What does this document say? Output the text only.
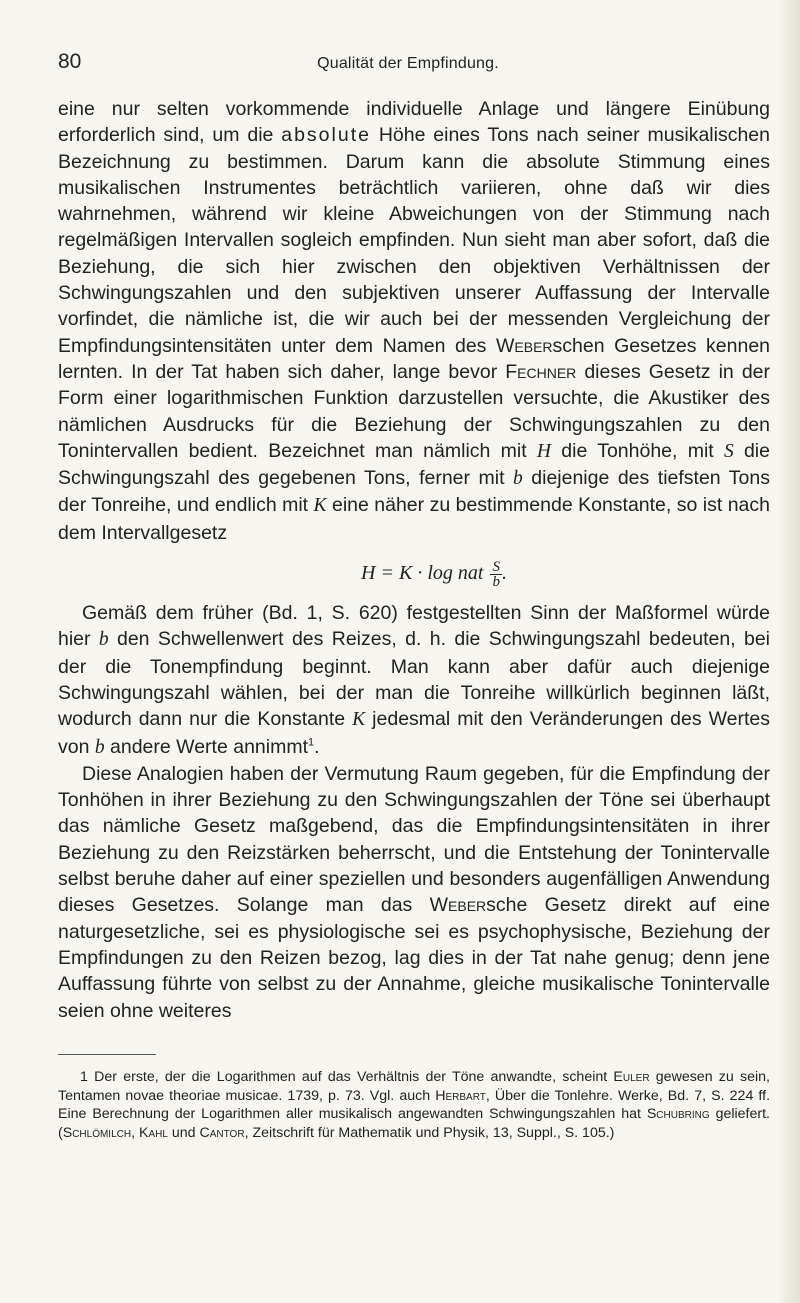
80	Qualität der Empfindung.

eine nur selten vorkommende individuelle Anlage und längere Einübung erforderlich sind, um die absolute Höhe eines Tons nach seiner musikalischen Bezeichnung zu bestimmen. Darum kann die absolute Stimmung eines musikalischen Instrumentes beträchtlich variieren, ohne daß wir dies wahrnehmen, während wir kleine Abweichungen von der Stimmung nach regelmäßigen Intervallen sogleich empfinden. Nun sieht man aber sofort, daß die Beziehung, die sich hier zwischen den objektiven Verhältnissen der Schwingungszahlen und den subjektiven unserer Auffassung der Intervalle vorfindet, die nämliche ist, die wir auch bei der messenden Vergleichung der Empfindungsintensitäten unter dem Namen des Weberschen Gesetzes kennen lernten. In der Tat haben sich daher, lange bevor Fechner dieses Gesetz in der Form einer logarithmischen Funktion darzustellen versuchte, die Akustiker des nämlichen Ausdrucks für die Beziehung der Schwingungszahlen zu den Tonintervallen bedient. Bezeichnet man nämlich mit H die Tonhöhe, mit S die Schwingungszahl des gegebenen Tons, ferner mit b diejenige des tiefsten Tons der Tonreihe, und endlich mit K eine näher zu bestimmende Konstante, so ist nach dem Intervallgesetz

H = K · log nat $\frac{S}{b}$ .

Gemäß dem früher (Bd. 1, S. 620) festgestellten Sinn der Maßformel würde hier b den Schwellenwert des Reizes, d. h. die Schwingungszahl bedeuten, bei der die Tonempfindung beginnt. Man kann aber dafür auch diejenige Schwingungszahl wählen, bei der man die Tonreihe willkürlich beginnen läßt, wodurch dann nur die Konstante K jedesmal mit den Veränderungen des Wertes von b andere Werte annimmt$^1$.

Diese Analogien haben der Vermutung Raum gegeben, für die Empfindung der Tonhöhen in ihrer Beziehung zu den Schwingungszahlen der Töne sei überhaupt das nämliche Gesetz maßgebend, das die Empfindungsintensitäten in ihrer Beziehung zu den Reizstärken beherrscht, und die Entstehung der Tonintervalle selbst beruhe daher auf einer speziellen und besonders augenfälligen Anwendung dieses Gesetzes. Solange man das Webersche Gesetz direkt auf eine naturgesetzliche, sei es physiologische sei es psychophysische, Beziehung der Empfindungen zu den Reizen bezog, lag dies in der Tat nahe genug; denn jene Auffassung führte von selbst zu der Annahme, gleiche musikalische Tonintervalle seien ohne weiteres

1 Der erste, der die Logarithmen auf das Verhältnis der Töne anwandte, scheint Euler gewesen zu sein, Tentamen novae theoriae musicae. 1739, p. 73. Vgl. auch Herbart, Über die Tonlehre. Werke, Bd. 7, S. 224 ff. Eine Berechnung der Logarithmen aller musikalisch angewandten Schwingungszahlen hat Schubring geliefert. (Schlömilch, Kahl und Cantor, Zeitschrift für Mathematik und Physik, 13, Suppl., S. 105.)
